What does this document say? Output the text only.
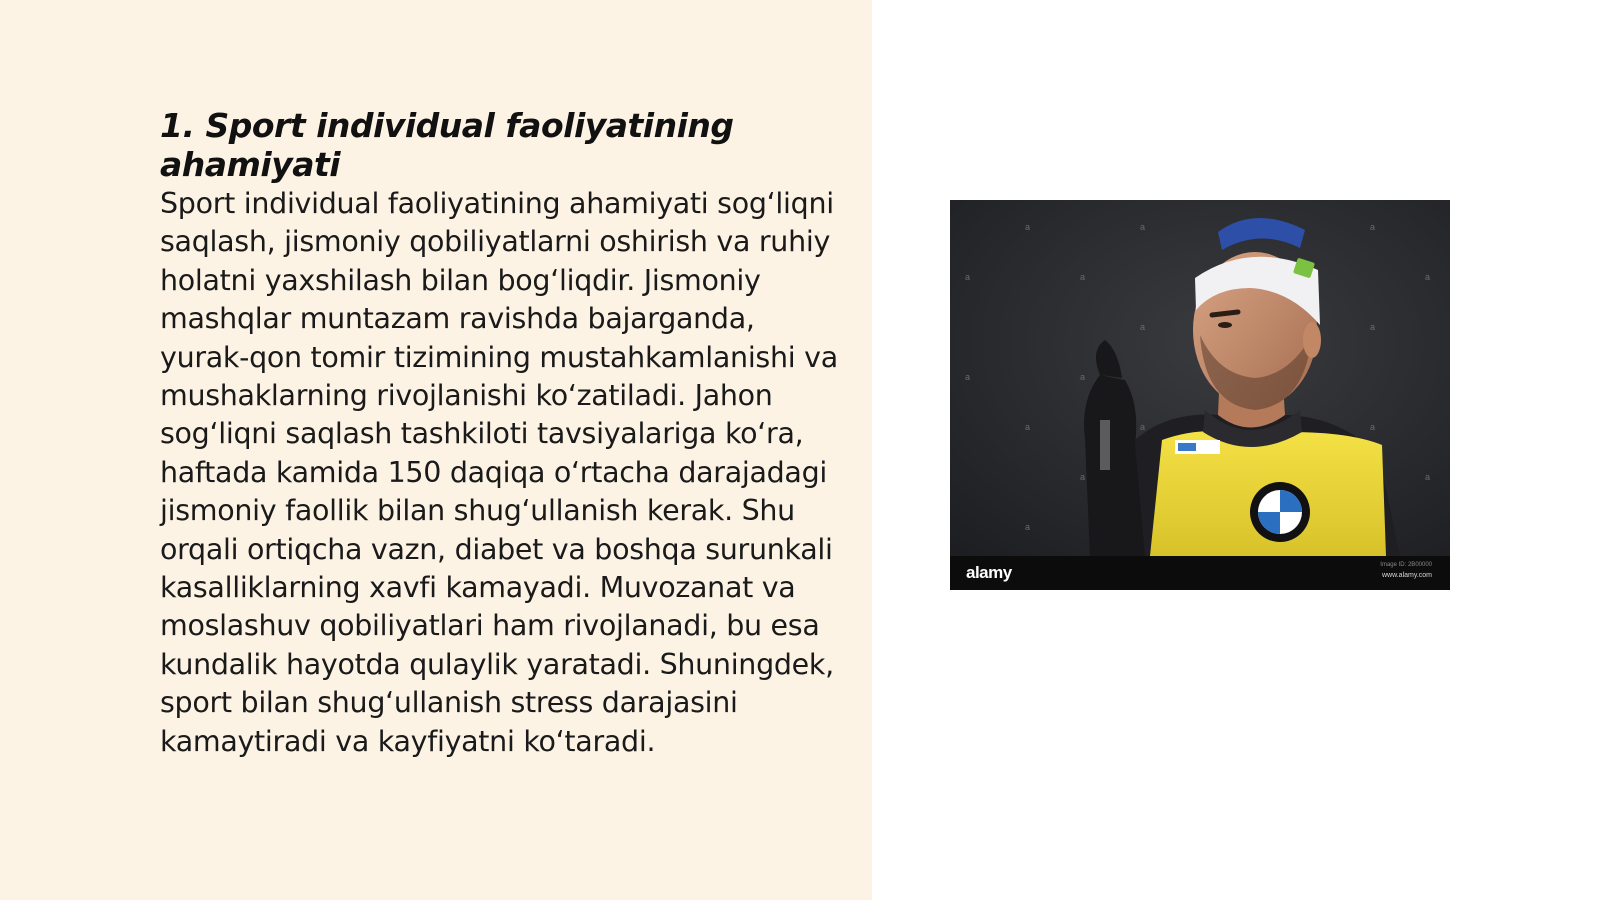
1. Sport individual faoliyatining ahamiyati

Sport individual faoliyatining ahamiyati sog‘liqni saqlash, jismoniy qobiliyatlarni oshirish va ruhiy holatni yaxshilash bilan bog‘liqdir. Jismoniy mashqlar muntazam ravishda bajarganda, yurak-qon tomir tizimining mustahkamlanishi va mushaklarning rivojlanishi ko‘zatiladi. Jahon sog‘liqni saqlash tashkiloti tavsiyalariga ko‘ra, haftada kamida 150 daqiqa o‘rtacha darajadagi jismoniy faollik bilan shug‘ullanish kerak. Shu orqali ortiqcha vazn, diabet va boshqa surunkali kasalliklarning xavfi kamayadi. Muvozanat va moslashuv qobiliyatlari ham rivojlanadi, bu esa kundalik hayotda qulaylik yaratadi. Shuningdek, sport bilan shug‘ullanish stress darajasini kamaytiradi va kayfiyatni ko‘taradi.

a	a	a
a	a	a
a	a
a	a
a	a	a
a	a
a
alamy	Image ID: 2B00000
www.alamy.com
